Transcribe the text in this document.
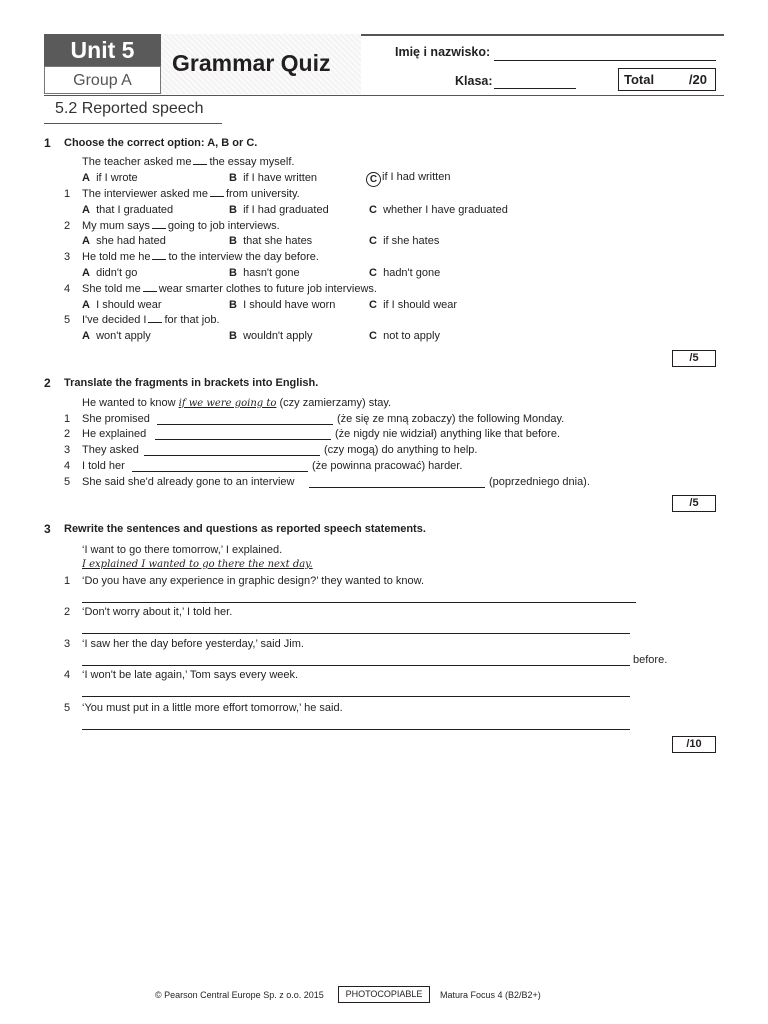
Unit 5
Group A
Grammar Quiz	Imię i nazwisko:
Klasa:	Total	/20
5.2 Reported speech
1 Choose the correct option: A, B or C.
The teacher asked me the essay myself.
A if I wrote	B if I have written	C if I had written
1 The interviewer asked me from university.
A that I graduated	B if I had graduated	C whether I have graduated
2 My mum says going to job interviews.
A she had hated	B that she hates	C if she hates
3 He told me he to the interview the day before.
A didn't go	B hasn't gone	C hadn't gone
4 She told me wear smarter clothes to future job interviews.
A I should wear	B I should have worn	C if I should wear
5 I've decided I for that job.
A won't apply	B wouldn't apply	C not to apply
/5
2 Translate the fragments in brackets into English.
He wanted to know if we were going to (czy zamierzamy) stay.
1 She promised	(że się ze mną zobaczy) the following Monday.
2 He explained	(że nigdy nie widział) anything like that before.
3 They asked	(czy mogą) do anything to help.
4 I told her	(że powinna pracować) harder.
5 She said she'd already gone to an interview	(poprzedniego dnia).
/5
3 Rewrite the sentences and questions as reported speech statements.
‘I want to go there tomorrow,’ I explained.
I explained I wanted to go there the next day.
1 ‘Do you have any experience in graphic design?’ they wanted to know.
2 ‘Don't worry about it,’ I told her.
3 ‘I saw her the day before yesterday,’ said Jim.
before.
4 ‘I won't be late again,’ Tom says every week.
5 ‘You must put in a little more effort tomorrow,’ he said.
/10
© Pearson Central Europe Sp. z o.o. 2015	PHOTOCOPIABLE	Matura Focus 4 (B2/B2+)
